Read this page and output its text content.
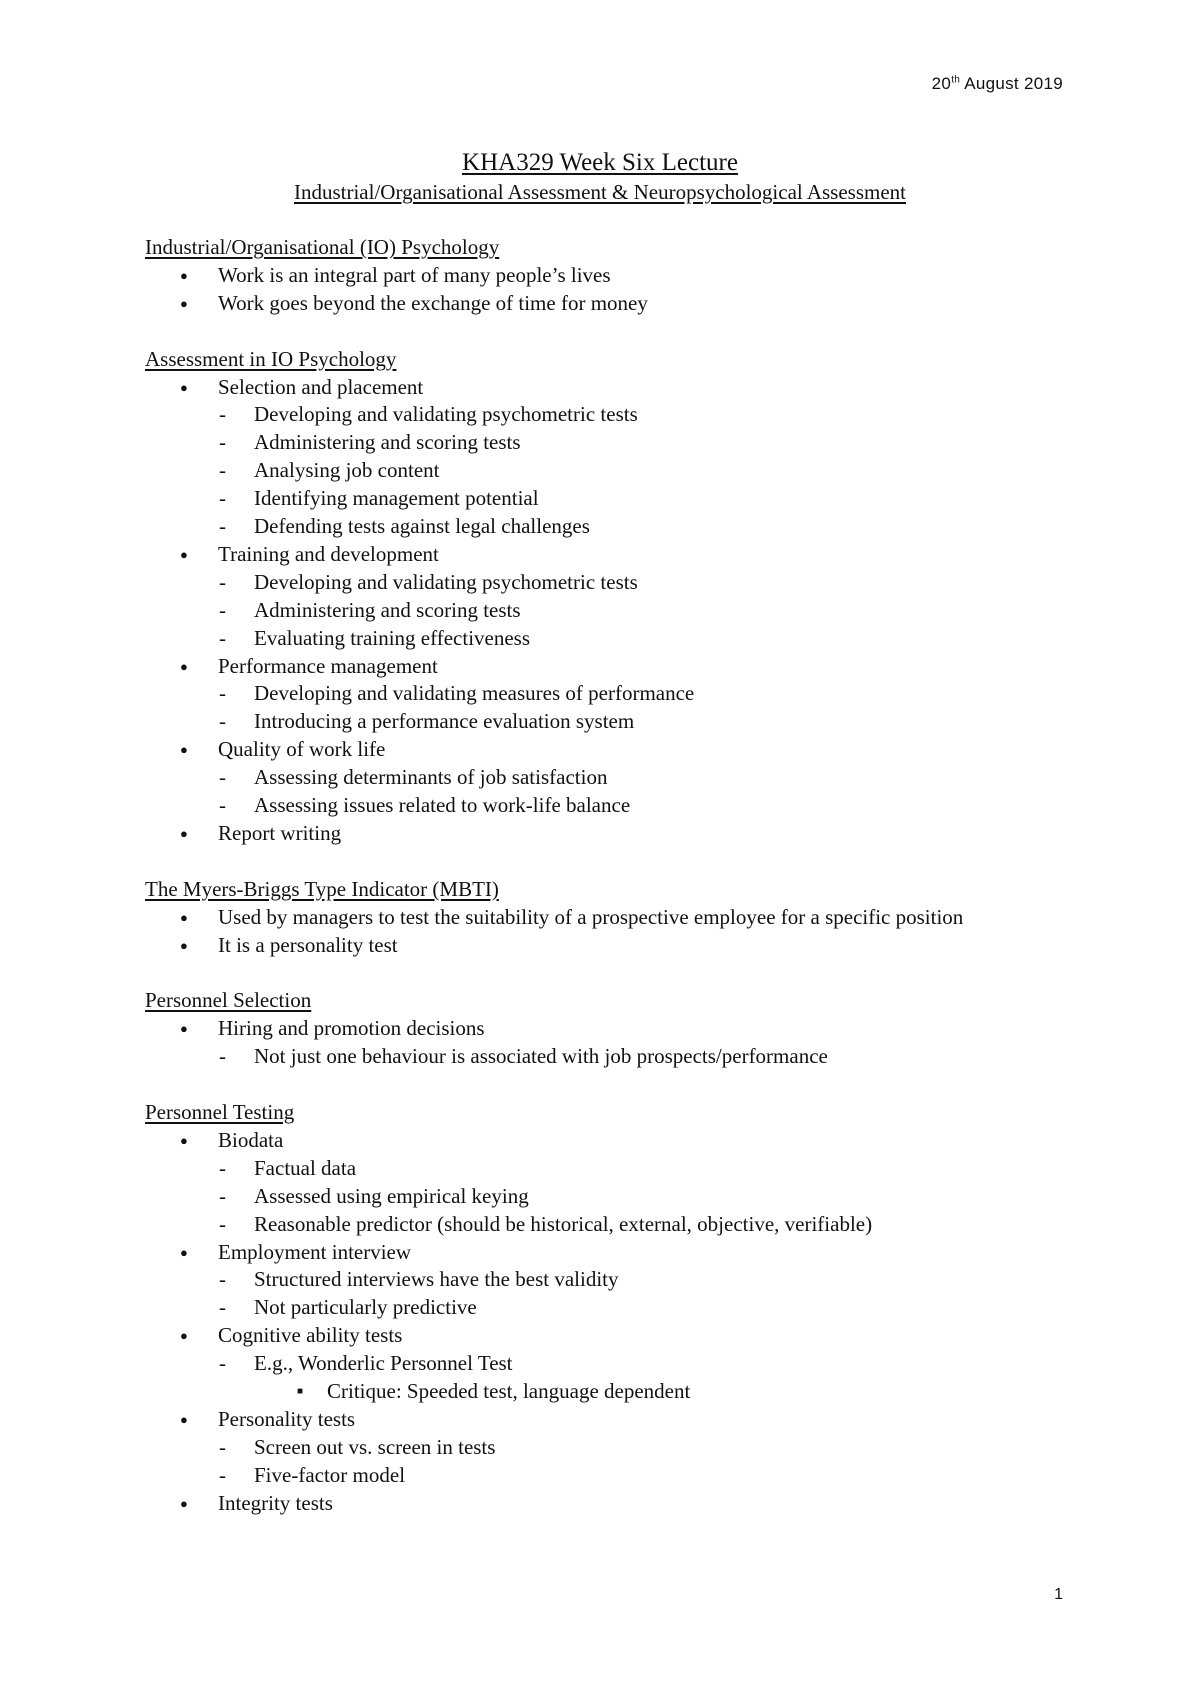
20th August 2019
KHA329 Week Six Lecture
Industrial/Organisational Assessment & Neuropsychological Assessment
Industrial/Organisational (IO) Psychology
● Work is an integral part of many people’s lives
● Work goes beyond the exchange of time for money
Assessment in IO Psychology
● Selection and placement
- Developing and validating psychometric tests
- Administering and scoring tests
- Analysing job content
- Identifying management potential
- Defending tests against legal challenges
● Training and development
- Developing and validating psychometric tests
- Administering and scoring tests
- Evaluating training effectiveness
● Performance management
- Developing and validating measures of performance
- Introducing a performance evaluation system
● Quality of work life
- Assessing determinants of job satisfaction
- Assessing issues related to work-life balance
● Report writing
The Myers-Briggs Type Indicator (MBTI)
● Used by managers to test the suitability of a prospective employee for a specific position
● It is a personality test
Personnel Selection
● Hiring and promotion decisions
- Not just one behaviour is associated with job prospects/performance
Personnel Testing
● Biodata
- Factual data
- Assessed using empirical keying
- Reasonable predictor (should be historical, external, objective, verifiable)
● Employment interview
- Structured interviews have the best validity
- Not particularly predictive
● Cognitive ability tests
- E.g., Wonderlic Personnel Test
■ Critique: Speeded test, language dependent
● Personality tests
- Screen out vs. screen in tests
- Five-factor model
● Integrity tests
1
